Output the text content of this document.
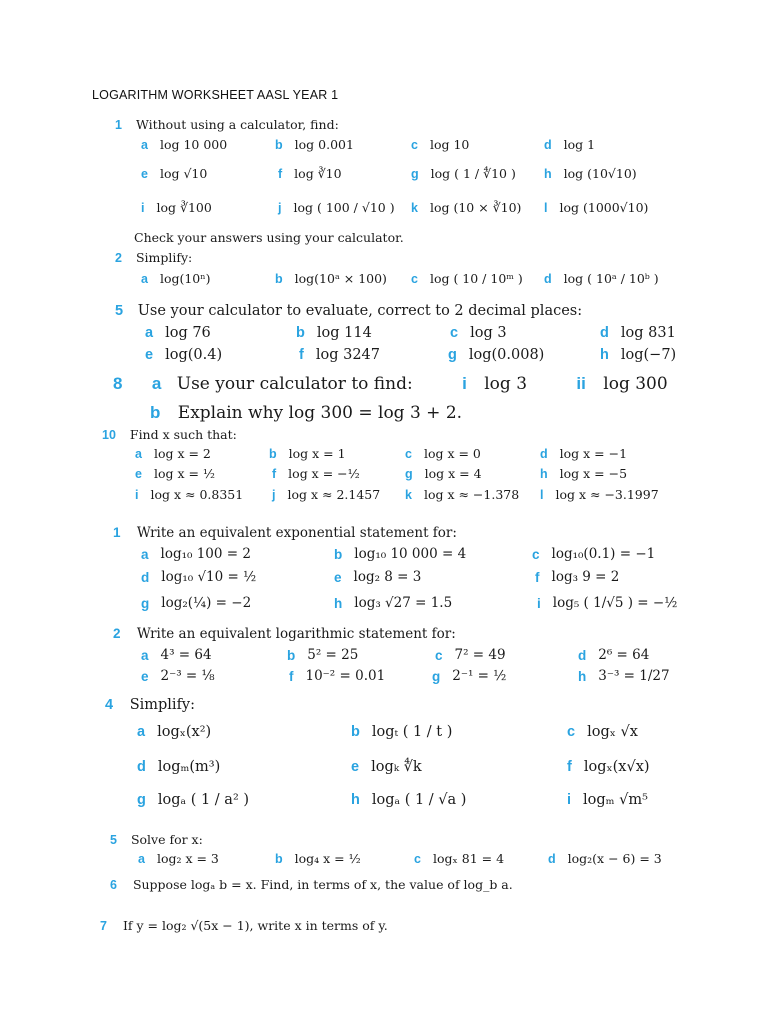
LOGARITHM WORKSHEET AASL YEAR 1
1 Without using a calculator, find:
a log 10 000	b log 0.001	c log 10	d log 1
e log √10	f log ∛10	g log ( 1 / ∜10 ) h log (10√10)
i log ∛100	j log ( 100 / √10 ) k log (10 × ∛10) l log (1000√10)
Check your answers using your calculator.
2 Simplify:
a log(10ⁿ)	b log(10ᵃ × 100) c log ( 10 / 10ᵐ ) d log ( 10ᵃ / 10ᵇ )
5 Use your calculator to evaluate, correct to 2 decimal places:
a log 76	b log 114	c log 3	d log 831
e log(0.4)	f log 3247	g log(0.008)	h log(−7)
8 a Use your calculator to find:	i log 3	ii log 300
b Explain why log 300 = log 3 + 2.
10 Find x such that:
a log x = 2	b log x = 1	c log x = 0	d log x = −1
e log x = ½	f log x = −½	g log x = 4	h log x = −5
i log x ≈ 0.8351 j log x ≈ 2.1457 k log x ≈ −1.378 l log x ≈ −3.1997
1 Write an equivalent exponential statement for:
a log₁₀ 100 = 2	b log₁₀ 10 000 = 4	c log₁₀(0.1) = −1
d log₁₀ √10 = ½	e log₂ 8 = 3	f log₃ 9 = 2
g log₂(¼) = −2	h log₃ √27 = 1.5	i log₅ ( 1/√5 ) = −½
2 Write an equivalent logarithmic statement for:
a 4³ = 64	b 5² = 25	c 7² = 49	d 2⁶ = 64
e 2⁻³ = ⅛	f 10⁻² = 0.01	g 2⁻¹ = ½	h 3⁻³ = 1/27
4 Simplify:
a logₓ(x²)	b logₜ ( 1 / t )	c logₓ √x
d logₘ(m³)	e logₖ ∜k	f logₓ(x√x)
g logₐ ( 1 / a² )	h logₐ ( 1 / √a )	i logₘ √m⁵
5 Solve for x:
a log₂ x = 3	b log₄ x = ½	c logₓ 81 = 4	d log₂(x − 6) = 3
6 Suppose logₐ b = x. Find, in terms of x, the value of log_b a.
7 If y = log₂ √(5x − 1), write x in terms of y.
